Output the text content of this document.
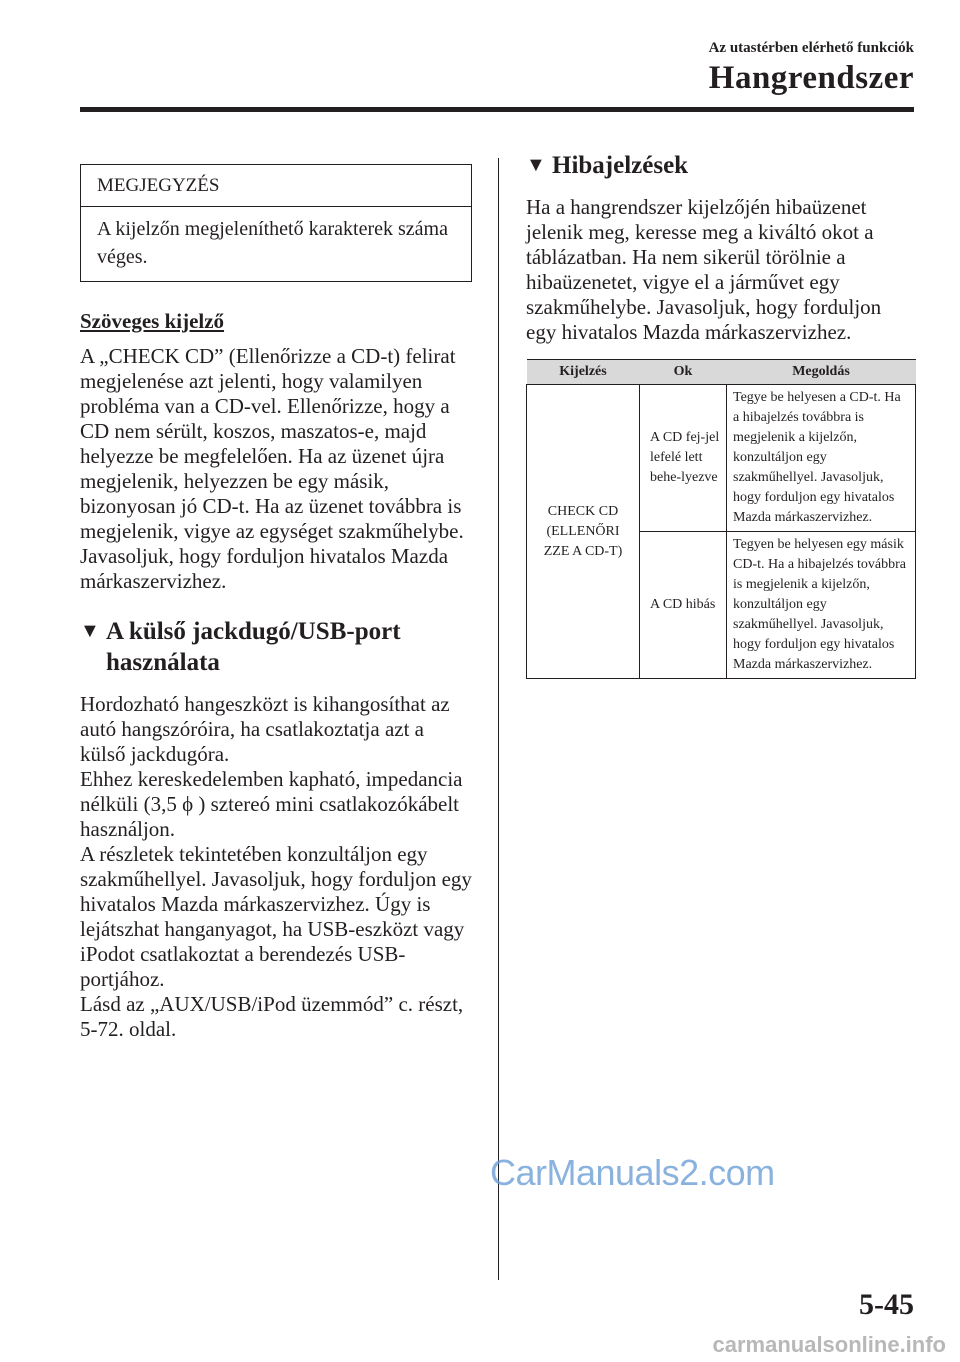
Az utastérben elérhető funkciók
Hangrendszer
MEGJEGYZÉS
A kijelzőn megjeleníthető karakterek száma véges.
Szöveges kijelző

A „CHECK CD” (Ellenőrizze a CD-t) felirat megjelenése azt jelenti, hogy valamilyen probléma van a CD-vel. Ellenőrizze, hogy a CD nem sérült, koszos, maszatos-e, majd helyezze be megfelelően. Ha az üzenet újra megjelenik, helyezzen be egy másik, bizonyosan jó CD-t. Ha az üzenet továbbra is megjelenik, vigye az egységet szakműhelybe. Javasoljuk, hogy forduljon hivatalos Mazda márkaszervizhez.

▼ A külső jackdugó/USB-port használata

Hordozható hangeszközt is kihangosíthat az autó hangszóróira, ha csatlakoztatja azt a külső jackdugóra.

Ehhez kereskedelemben kapható, impedancia nélküli (3,5 ϕ ) sztereó mini csatlakozókábelt használjon.

A részletek tekintetében konzultáljon egy szakműhellyel. Javasoljuk, hogy forduljon egy hivatalos Mazda márkaszervizhez. Úgy is lejátszhat hanganyagot, ha USB-eszközt vagy iPodot csatlakoztat a berendezés USB-portjához.

Lásd az „AUX/USB/iPod üzemmód” c. részt, 5-72. oldal.

▼ Hibajelzések

Ha a hangrendszer kijelzőjén hibaüzenet jelenik meg, keresse meg a kiváltó okot a táblázatban. Ha nem sikerül törölnie a hibaüzenetet, vigye el a járművet egy szakműhelybe. Javasoljuk, hogy forduljon egy hivatalos Mazda márkaszervizhez.

Kijelzés	Ok	Megoldás
CHECK CD (ELLENŐRI ZZE A CD-T)	A CD fej-jel lefelé lett behe-lyezve	Tegye be helyesen a CD-t. Ha a hibajelzés továbbra is megjelenik a kijelzőn, konzultáljon egy szakműhellyel. Javasoljuk, hogy forduljon egy hivatalos Mazda márkaszervizhez.
	A CD hibás	Tegyen be helyesen egy másik CD-t. Ha a hibajelzés továbbra is megjelenik a kijelzőn, konzultáljon egy szakműhellyel. Javasoljuk, hogy forduljon egy hivatalos Mazda márkaszervizhez.
CarManuals2.com
5-45
carmanualsonline.info
